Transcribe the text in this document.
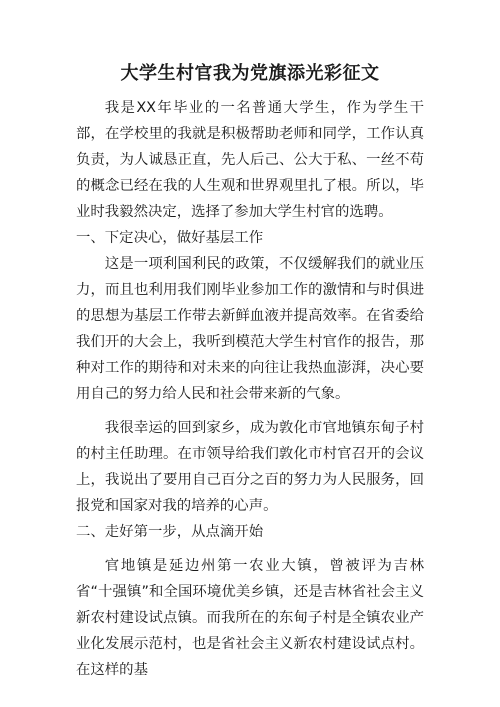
大学生村官我为党旗添光彩征文

我是XX年毕业的一名普通大学生，作为学生干部，在学校里的我就是积极帮助老师和同学，工作认真负责，为人诚恳正直，先人后己、公大于私、一丝不苟的概念已经在我的人生观和世界观里扎了根。所以，毕业时我毅然决定，选择了参加大学生村官的选聘。

一、下定决心，做好基层工作

这是一项利国利民的政策，不仅缓解我们的就业压力，而且也利用我们刚毕业参加工作的激情和与时俱进的思想为基层工作带去新鲜血液并提高效率。在省委给我们开的大会上，我听到模范大学生村官作的报告，那种对工作的期待和对未来的向往让我热血澎湃，决心要用自己的努力给人民和社会带来新的气象。

我很幸运的回到家乡，成为敦化市官地镇东甸子村的村主任助理。在市领导给我们敦化市村官召开的会议上，我说出了要用自己百分之百的努力为人民服务，回报党和国家对我的培养的心声。

二、走好第一步，从点滴开始

官地镇是延边州第一农业大镇，曾被评为吉林省“十强镇”和全国环境优美乡镇，还是吉林省社会主义新农村建设试点镇。而我所在的东甸子村是全镇农业产业化发展示范村，也是省社会主义新农村建设试点村。在这样的基
